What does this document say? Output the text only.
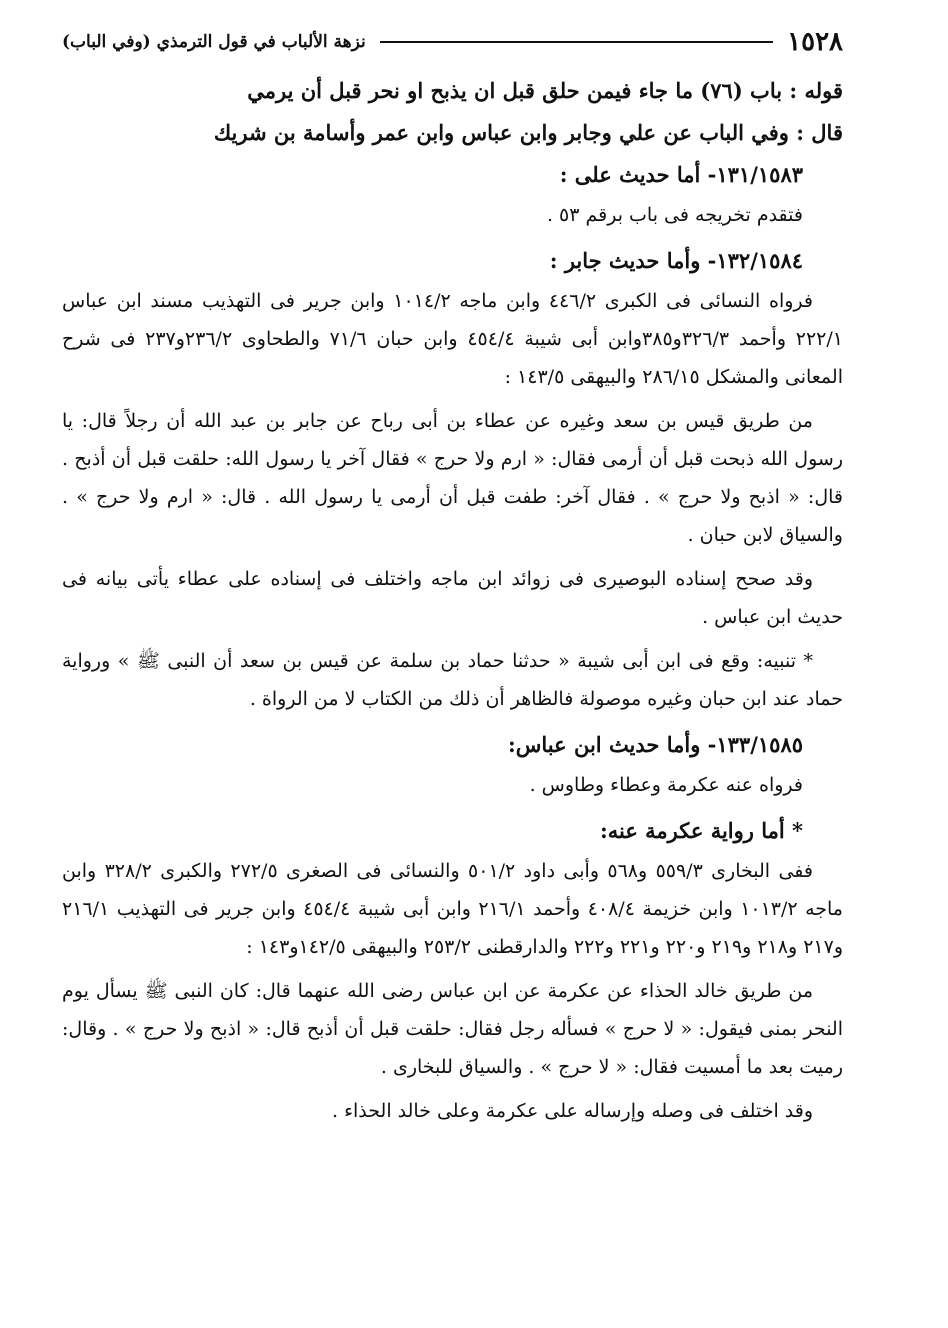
١٥٢٨
نزهة الألباب في قول الترمذي (وفي الباب)

قوله : باب (٧٦) ما جاء فيمن حلق قبل ان يذبح او نحر قبل أن يرمي

قال : وفي الباب عن علي وجابر وابن عباس وابن عمر وأسامة بن شريك

١٣١/١٥٨٣- أما حديث على :

فتقدم تخريجه فى باب برقم ٥٣ .

١٣٢/١٥٨٤- وأما حديث جابر :

فرواه النسائى فى الكبرى ٤٤٦/٢ وابن ماجه ١٠١٤/٢ وابن جرير فى التهذيب مسند ابن عباس ٢٢٢/١ وأحمد ٣٢٦/٣و٣٨٥وابن أبى شيبة ٤٥٤/٤ وابن حبان ٧١/٦ والطحاوى ٢٣٦/٢و٢٣٧ فى شرح المعانى والمشكل ٢٨٦/١٥ والبيهقى ١٤٣/٥ :

من طريق قيس بن سعد وغيره عن عطاء بن أبى رباح عن جابر بن عبد الله أن رجلاً قال: يا رسول الله ذبحت قبل أن أرمى فقال: « ارم ولا حرج » فقال آخر يا رسول الله: حلقت قبل أن أذبح . قال: « اذبح ولا حرج » . فقال آخر: طفت قبل أن أرمى يا رسول الله . قال: « ارم ولا حرج » . والسياق لابن حبان .

وقد صحح إسناده البوصيرى فى زوائد ابن ماجه واختلف فى إسناده على عطاء يأتى بيانه فى حديث ابن عباس .

* تنبيه: وقع فى ابن أبى شيبة « حدثنا حماد بن سلمة عن قيس بن سعد أن النبى ﷺ » ورواية حماد عند ابن حبان وغيره موصولة فالظاهر أن ذلك من الكتاب لا من الرواة .

١٣٣/١٥٨٥- وأما حديث ابن عباس:

فرواه عنه عكرمة وعطاء وطاوس .

* أما رواية عكرمة عنه:

ففى البخارى ٥٥٩/٣ و٥٦٨ وأبى داود ٥٠١/٢ والنسائى فى الصغرى ٢٧٢/٥ والكبرى ٣٢٨/٢ وابن ماجه ١٠١٣/٢ وابن خزيمة ٤٠٨/٤ وأحمد ٢١٦/١ وابن أبى شيبة ٤٥٤/٤ وابن جرير فى التهذيب ٢١٦/١ و٢١٧ و٢١٨ و٢١٩ و٢٢٠ و٢٢١ و٢٢٢ والدارقطنى ٢٥٣/٢ والبيهقى ١٤٢/٥و١٤٣ :

من طريق خالد الحذاء عن عكرمة عن ابن عباس رضى الله عنهما قال: كان النبى ﷺ يسأل يوم النحر بمنى فيقول: « لا حرج » فسأله رجل فقال: حلقت قبل أن أذبح قال: « اذبح ولا حرج » . وقال: رميت بعد ما أمسيت فقال: « لا حرج » . والسياق للبخارى .

وقد اختلف فى وصله وإرساله على عكرمة وعلى خالد الحذاء .
